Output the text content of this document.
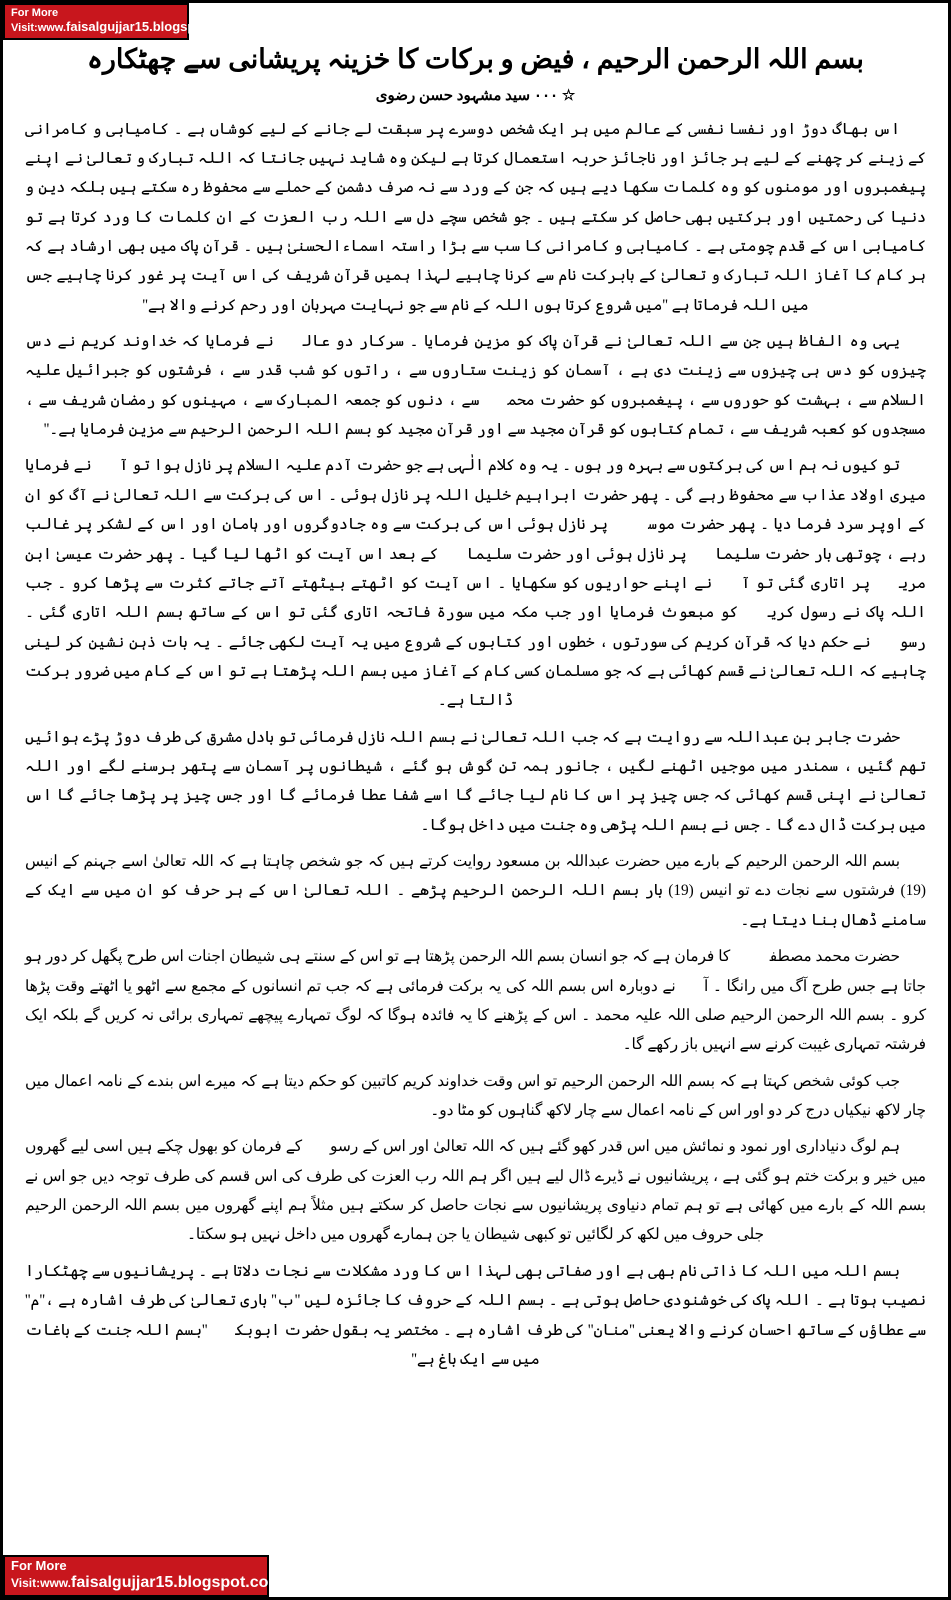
بسم اللہ الرحمن الرحیم ، فیض و برکات کا خزینہ پریشانی سے چھٹکارہ
☆ ٠٠٠ سید مشہود حسن رضوی

اس بھاگ دوڑ اور نفسا نفسی کے عالم میں ہر ایک شخص دوسرے پر سبقت لے جانے کے لیے کوشاں ہے ۔ کامیابی و کامرانی کے زینے کر چھنے کے لیے ہر جائز اور ناجائز حربہ استعمال کرتا ہے لیکن وہ شاید نہیں جانتا کہ اللہ تبارک و تعالیٰ نے اپنے پیغمبروں اور مومنوں کو وہ کلمات سکھا دیے ہیں کہ جن کے ورد سے نہ صرف دشمن کے حملے سے محفوظ رہ سکتے ہیں بلکہ دین و دنیا کی رحمتیں اور برکتیں بھی حاصل کر سکتے ہیں ۔ جو شخص سچے دل سے اللہ رب العزت کے ان کلمات کا ورد کرتا ہے تو کامیابی اس کے قدم چومتی ہے ۔ کامیابی و کامرانی کا سب سے بڑا راستہ اسماءالحسنیٰ ہیں ۔ قرآن پاک میں بھی ارشاد ہے کہ ہر کام کا آغاز اللہ تبارک و تعالیٰ کے بابرکت نام سے کرنا چاہیے لہذا ہمیں قرآن شریف کی اس آیت پر غور کرنا چاہیے جس میں اللہ فرماتا ہے ''میں شروع کرتا ہوں اللہ کے نام سے جو نہایت مہربان اور رحم کرنے والا ہے''

یہی وہ الفاظ ہیں جن سے اللہ تعالیٰ نے قرآن پاک کو مزین فرمایا ۔ سرکار دو عالمؐ نے فرمایا کہ خداوند کریم نے دس چیزوں کو دس ہی چیزوں سے زینت دی ہے ، آسمان کو زینت ستاروں سے ، راتوں کو شب قدر سے ، فرشتوں کو جبرائیل علیہ السلام سے ، بہشت کو حوروں سے ، پیغمبروں کو حضرت محمدؐ سے ، دنوں کو جمعہ المبارک سے ، مہینوں کو رمضان شریف سے ، مسجدوں کو کعبہ شریف سے ، تمام کتابوں کو قرآن مجید سے اور قرآن مجید کو بسم اللہ الرحمن الرحیم سے مزین فرمایا ہے۔''

تو کیوں نہ ہم اس کی برکتوں سے بہرہ ور ہوں ۔ یہ وہ کلام الٰہی ہے جو حضرت آدم علیہ السلام پر نازل ہوا تو آپؑ نے فرمایا میری اولاد عذاب سے محفوظ رہے گی ۔ پھر حضرت ابراہیم خلیل اللہ پر نازل ہوئی ۔ اس کی برکت سے اللہ تعالیٰ نے آگ کو ان کے اوپر سرد فرما دیا ۔ پھر حضرت موسیٰؑ پر نازل ہوئی اس کی برکت سے وہ جادوگروں اور ہامان اور اس کے لشکر پر غالب رہے ، چوتھی بار حضرت سلیمانؑ پر نازل ہوئی اور حضرت سلیمانؑ کے بعد اس آیت کو اٹھا لیا گیا ۔ پھر حضرت عیسیٰ ابن مریمؑ پر اتاری گئی تو آپؑ نے اپنے حواریوں کو سکھایا ۔ اس آیت کو اٹھتے بیٹھتے آتے جاتے کثرت سے پڑھا کرو ۔ جب اللہ پاک نے رسول کریمؐ کو مبعوث فرمایا اور جب مکہ میں سورۃ فاتحہ اتاری گئی تو اس کے ساتھ بسم اللہ اتاری گئی ۔ رسولؐ نے حکم دیا کہ قرآن کریم کی سورتوں ، خطوں اور کتابوں کے شروع میں یہ آیت لکھی جائے ۔ یہ بات ذہن نشین کر لینی چاہیے کہ اللہ تعالیٰ نے قسم کھائی ہے کہ جو مسلمان کسی کام کے آغاز میں بسم اللہ پڑھتا ہے تو اس کے کام میں ضرور برکت ڈالتا ہے۔

حضرت جابر بن عبداللہ سے روایت ہے کہ جب اللہ تعالیٰ نے بسم اللہ نازل فرمائی تو بادل مشرق کی طرف دوڑ پڑے ہوائیں تھم گئیں ، سمندر میں موجیں اٹھنے لگیں ، جانور ہمہ تن گوش ہو گئے ، شیطانوں پر آسمان سے پتھر برسنے لگے اور اللہ تعالیٰ نے اپنی قسم کھائی کہ جس چیز پر اس کا نام لیا جائے گا اسے شفا عطا فرمائے گا اور جس چیز پر پڑھا جائے گا اس میں برکت ڈال دے گا ۔ جس نے بسم اللہ پڑھی وہ جنت میں داخل ہوگا۔

بسم اللہ الرحمن الرحیم کے بارے میں حضرت عبداللہ بن مسعود روایت کرتے ہیں کہ جو شخص چاہتا ہے کہ اللہ تعالیٰ اسے جہنم کے انیس (19) فرشتوں سے نجات دے تو انیس (19) بار بسم اللہ الرحمن الرحیم پڑھے ۔ اللہ تعالیٰ اس کے ہر حرف کو ان میں سے ایک کے سامنے ڈھال بنا دیتا ہے۔

حضرت محمد مصطفیٰؐ کا فرمان ہے کہ جو انسان بسم اللہ الرحمن پڑھتا ہے تو اس کے سنتے ہی شیطان اجنات اس طرح پگھل کر دور ہو جاتا ہے جس طرح آگ میں رانگا ۔ آپؐ نے دوبارہ اس بسم اللہ کی یہ برکت فرمائی ہے کہ جب تم انسانوں کے مجمع سے اٹھو یا اٹھتے وقت پڑھا کرو ۔ بسم اللہ الرحمن الرحیم صلی اللہ علیہ محمد ۔ اس کے پڑھنے کا یہ فائدہ ہوگا کہ لوگ تمہارے پیچھے تمہاری برائی نہ کریں گے بلکہ ایک فرشتہ تمہاری غیبت کرنے سے انہیں باز رکھے گا۔

جب کوئی شخص کہتا ہے کہ بسم اللہ الرحمن الرحیم تو اس وقت خداوند کریم کاتبین کو حکم دیتا ہے کہ میرے اس بندے کے نامہ اعمال میں چار لاکھ نیکیاں درج کر دو اور اس کے نامہ اعمال سے چار لاکھ گناہوں کو مٹا دو۔

ہم لوگ دنیاداری اور نمود و نمائش میں اس قدر کھو گئے ہیں کہ اللہ تعالیٰ اور اس کے رسولؐ کے فرمان کو بھول چکے ہیں اسی لیے گھروں میں خیر و برکت ختم ہو گئی ہے ، پریشانیوں نے ڈیرے ڈال لیے ہیں اگر ہم اللہ رب العزت کی طرف کی اس قسم کی طرف توجہ دیں جو اس نے بسم اللہ کے بارے میں کھائی ہے تو ہم تمام دنیاوی پریشانیوں سے نجات حاصل کر سکتے ہیں مثلاً ہم اپنے گھروں میں بسم اللہ الرحمن الرحیم جلی حروف میں لکھ کر لگائیں تو کبھی شیطان یا جن ہمارے گھروں میں داخل نہیں ہو سکتا۔

بسم اللہ میں اللہ کا ذاتی نام بھی ہے اور صفاتی بھی لہذا اس کا ورد مشکلات سے نجات دلاتا ہے ۔ پریشانیوں سے چھٹکارا نصیب ہوتا ہے ۔ اللہ پاک کی خوشنودی حاصل ہوتی ہے ۔ بسم اللہ کے حروف کا جائزہ لیں ''ب'' باری تعالیٰ کی طرف اشارہ ہے ،''م'' سے عطاؤں کے ساتھ احسان کرنے والا یعنی ''منان'' کی طرف اشارہ ہے ۔ مختصر یہ بقول حضرت ابوبکرؓ ''بسم اللہ جنت کے باغات میں سے ایک باغ ہے''

For More
Visit:www.faisalgujjar15.blogspot.com
For More
Visit:www.faisalgujjar15.blogspot.com
